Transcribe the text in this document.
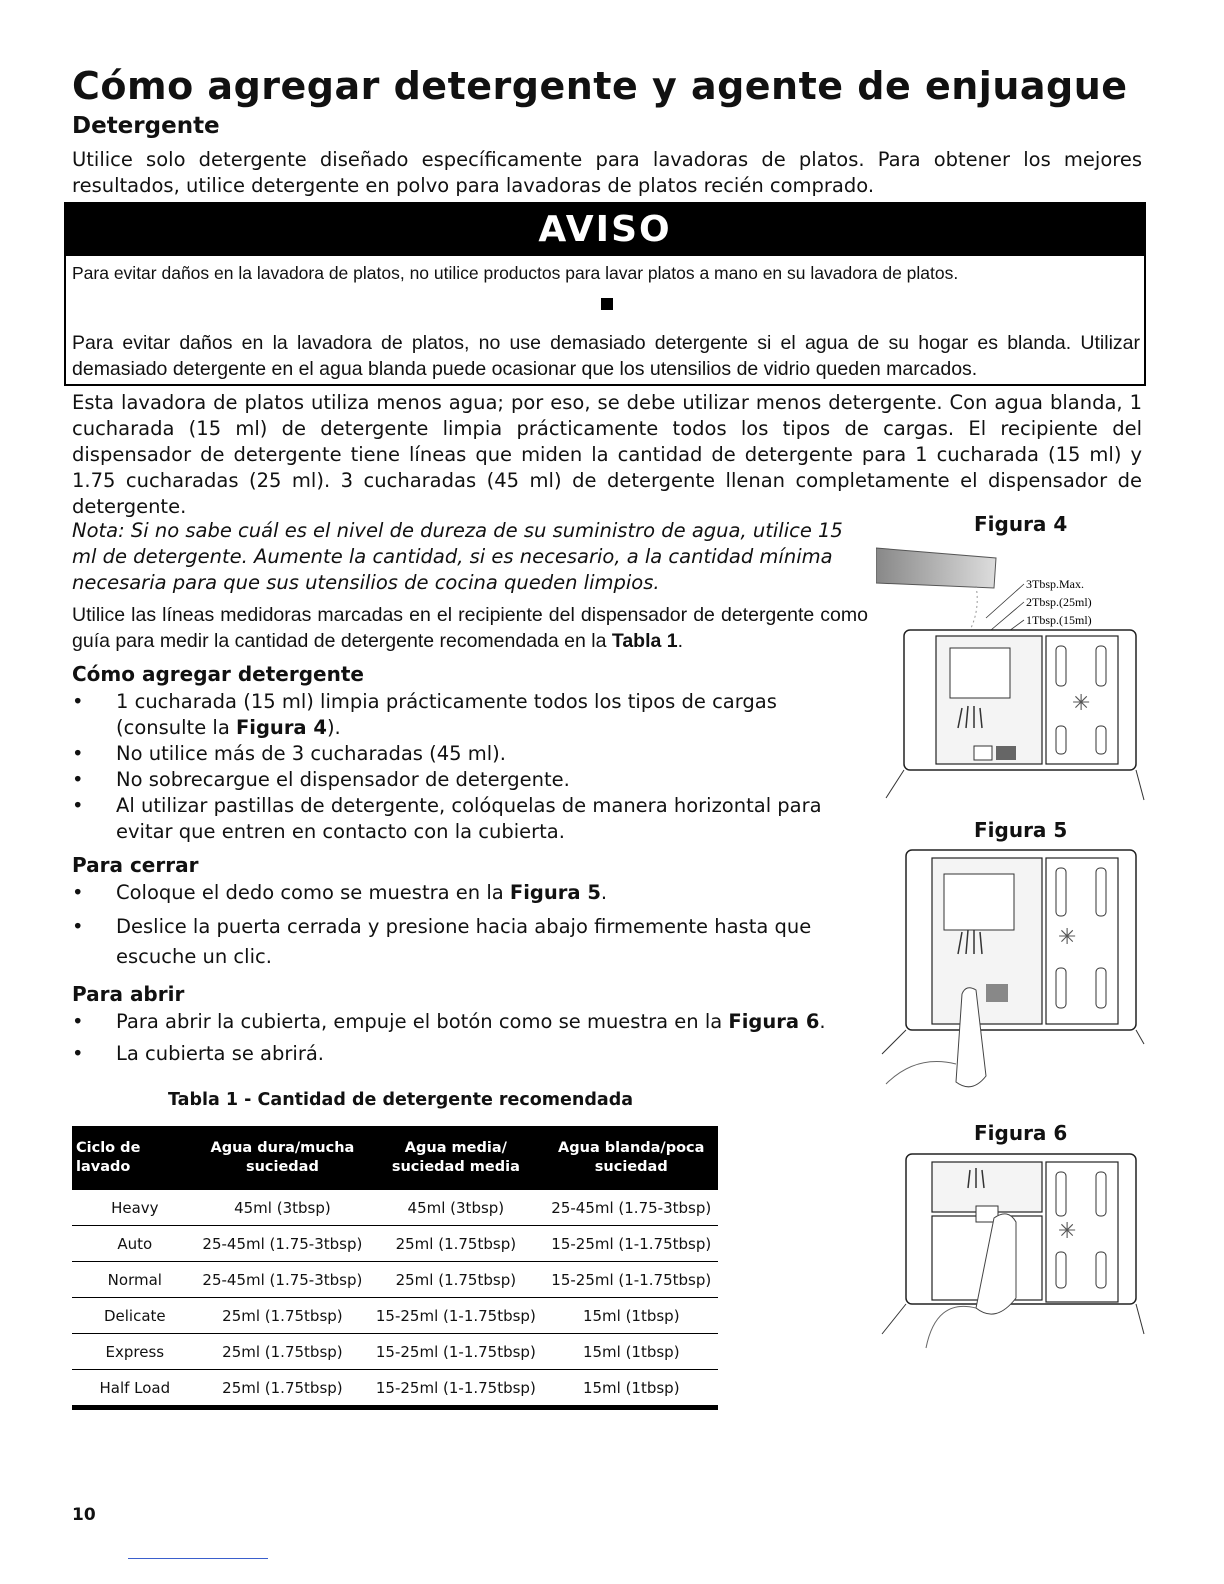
Cómo agregar detergente y agente de enjuague
Detergente
Utilice solo detergente diseñado específicamente para lavadoras de platos. Para obtener los mejores resultados, utilice detergente en polvo para lavadoras de platos recién comprado.
AVISO
Para evitar daños en la lavadora de platos, no utilice productos para lavar platos a mano en su lavadora de platos.
Para evitar daños en la lavadora de platos, no use demasiado detergente si el agua de su hogar es blanda. Utilizar demasiado detergente en el agua blanda puede ocasionar que los utensilios de vidrio queden marcados.
Esta lavadora de platos utiliza menos agua; por eso, se debe utilizar menos detergente. Con agua blanda, 1 cucharada (15 ml) de detergente limpia prácticamente todos los tipos de cargas. El recipiente del dispensador de detergente tiene líneas que miden la cantidad de detergente para 1 cucharada (15 ml) y 1.75 cucharadas (25 ml). 3 cucharadas (45 ml) de detergente llenan completamente el dispensador de detergente.
Nota: Si no sabe cuál es el nivel de dureza de su suministro de agua, utilice 15 ml de detergente. Aumente la cantidad, si es necesario, a la cantidad mínima necesaria para que sus utensilios de cocina queden limpios.
Utilice las líneas medidoras marcadas en el recipiente del dispensador de detergente como guía para medir la cantidad de detergente recomendada en la Tabla 1.
Cómo agregar detergente
• 1 cucharada (15 ml) limpia prácticamente todos los tipos de cargas (consulte la Figura 4).
• No utilice más de 3 cucharadas (45 ml).
• No sobrecargue el dispensador de detergente.
• Al utilizar pastillas de detergente, colóquelas de manera horizontal para evitar que entren en contacto con la cubierta.
Para cerrar
• Coloque el dedo como se muestra en la Figura 5.
• Deslice la puerta cerrada y presione hacia abajo firmemente hasta que escuche un clic.
Para abrir
• Para abrir la cubierta, empuje el botón como se muestra en la Figura 6.
• La cubierta se abrirá.
Figura 4
3Tbsp.Max.
2Tbsp.(25ml)
1Tbsp.(15ml)
✳
Figura 5
✳
Figura 6
✳
Tabla 1 - Cantidad de detergente recomendada
Ciclo de lavado	Agua dura/mucha suciedad	Agua media/ suciedad media	Agua blanda/poca suciedad
Heavy	45ml (3tbsp)	45ml (3tbsp)	25-45ml (1.75-3tbsp)
Auto	25-45ml (1.75-3tbsp)	25ml (1.75tbsp)	15-25ml (1-1.75tbsp)
Normal	25-45ml (1.75-3tbsp)	25ml (1.75tbsp)	15-25ml (1-1.75tbsp)
Delicate	25ml (1.75tbsp)	15-25ml (1-1.75tbsp)	15ml (1tbsp)
Express	25ml (1.75tbsp)	15-25ml (1-1.75tbsp)	15ml (1tbsp)
Half Load	25ml (1.75tbsp)	15-25ml (1-1.75tbsp)	15ml (1tbsp)
10
